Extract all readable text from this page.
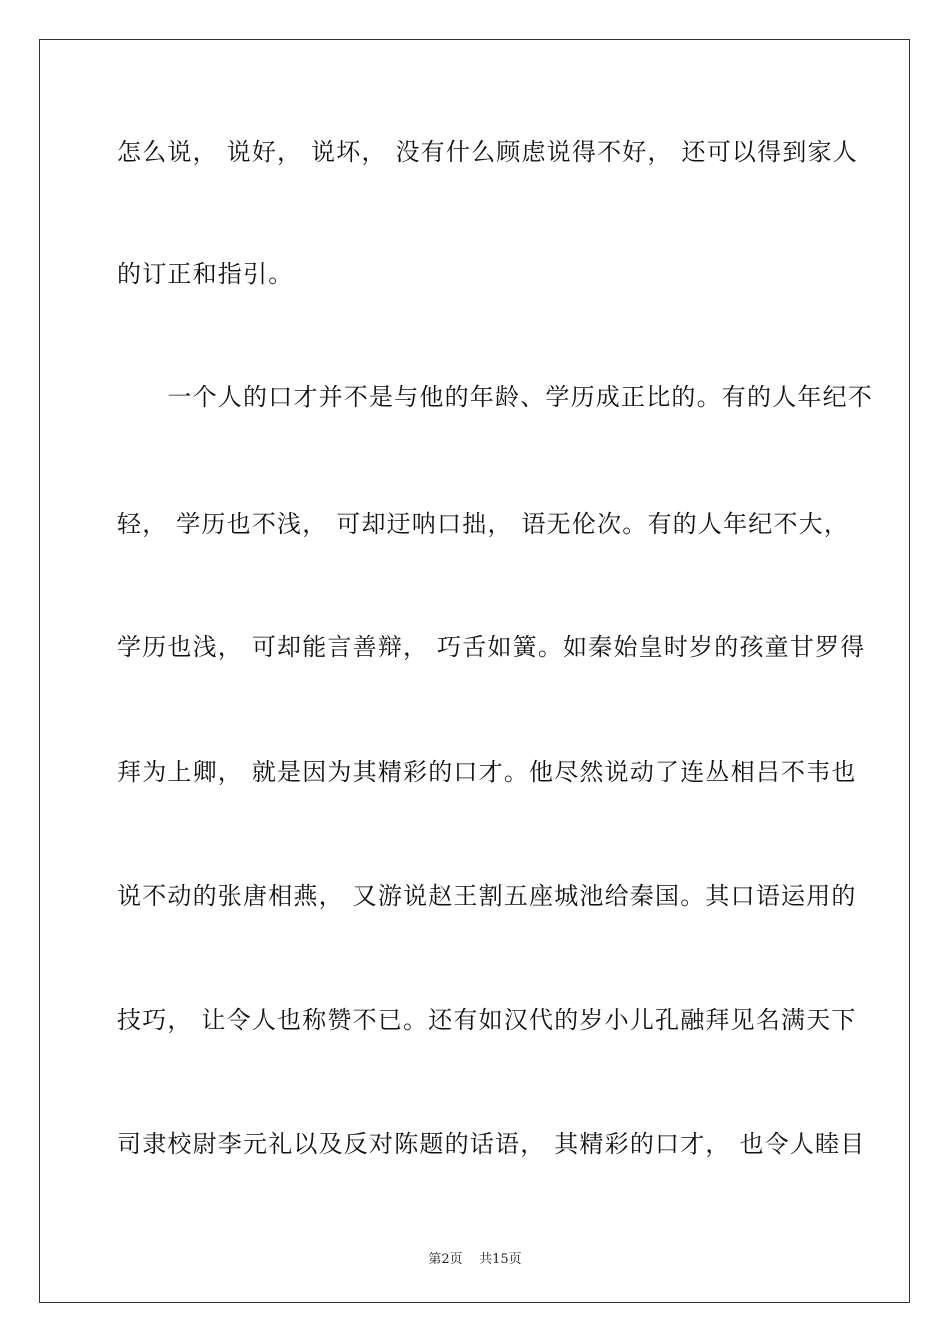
怎么说， 说好， 说坏， 没有什么顾虑说得不好， 还可以得到家人
的订正和指引。
　　一个人的口才并不是与他的年龄、学历成正比的。有的人年纪不
轻， 学历也不浅， 可却迂呐口拙， 语无伦次。有的人年纪不大，
学历也浅， 可却能言善辩， 巧舌如簧。如秦始皇时岁的孩童甘罗得
拜为上卿， 就是因为其精彩的口才。他尽然说动了连丛相吕不韦也
说不动的张唐相燕， 又游说赵王割五座城池给秦国。其口语运用的
技巧， 让令人也称赞不已。还有如汉代的岁小儿孔融拜见名满天下
司隶校尉李元礼以及反对陈题的话语， 其精彩的口才， 也令人睦目
第2页    共15页
